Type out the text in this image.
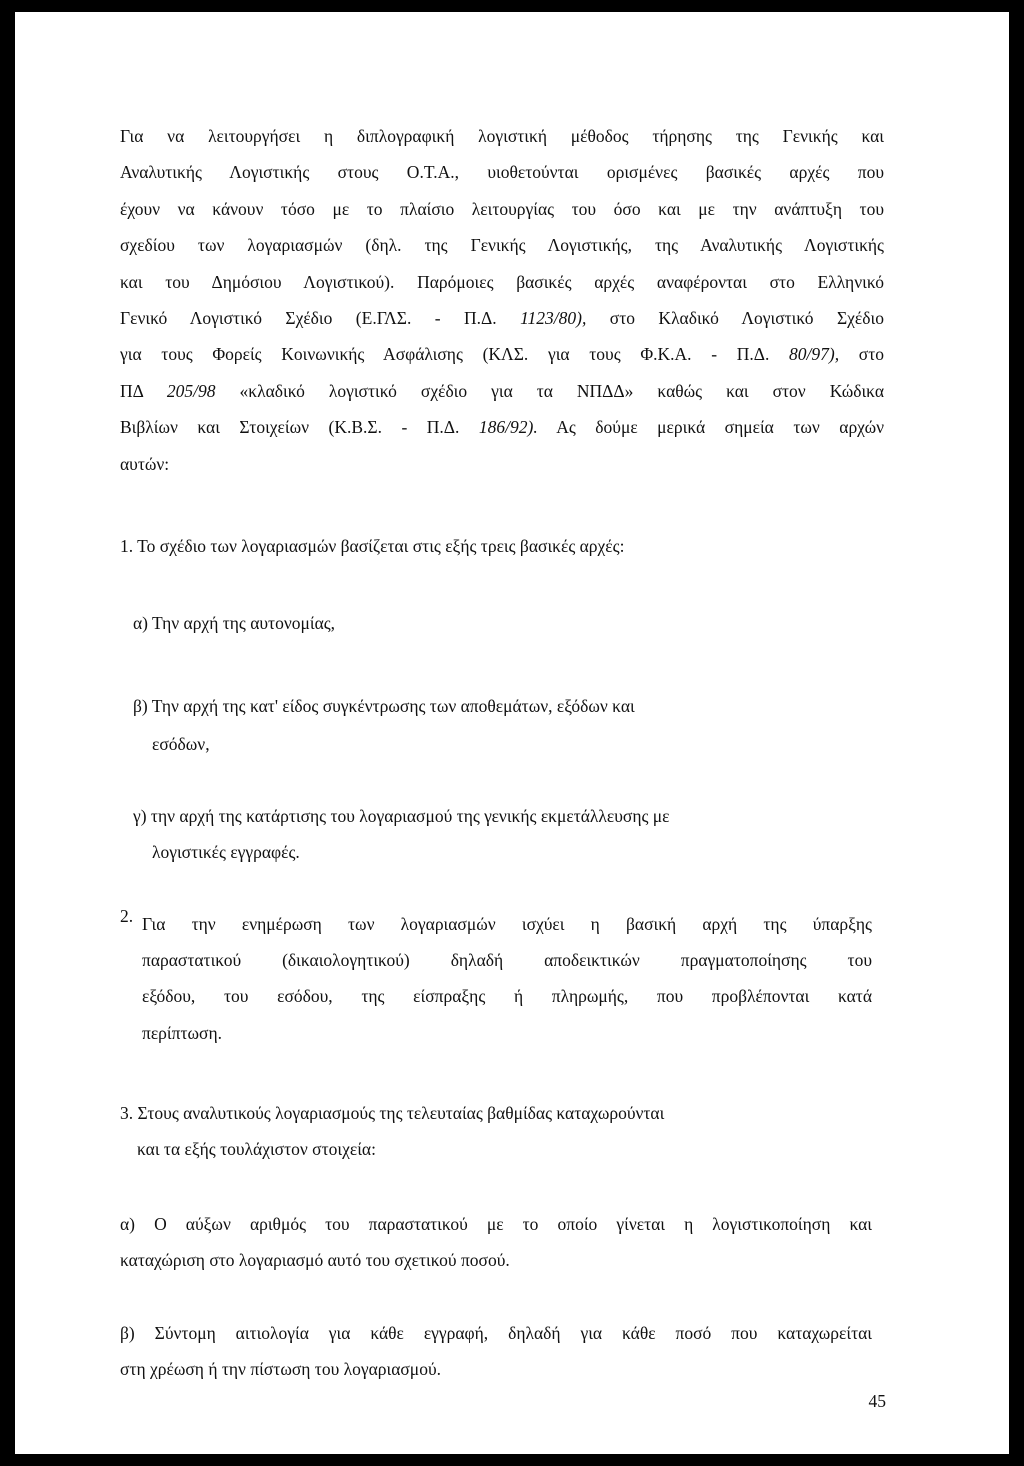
Για να λειτουργήσει η διπλογραφική λογιστική μέθοδος τήρησης της Γενικής και
Αναλυτικής Λογιστικής στους Ο.Τ.Α., υιοθετούνται ορισμένες βασικές αρχές που
έχουν να κάνουν τόσο με το πλαίσιο λειτουργίας του όσο και με την ανάπτυξη του
σχεδίου των λογαριασμών (δηλ. της Γενικής Λογιστικής, της Αναλυτικής Λογιστικής
και του Δημόσιου Λογιστικού). Παρόμοιες βασικές αρχές αναφέρονται στο Ελληνικό
Γενικό Λογιστικό Σχέδιο (Ε.ΓΛΣ. - Π.Δ. 1123/80), στο Κλαδικό Λογιστικό Σχέδιο
για τους Φορείς Κοινωνικής Ασφάλισης (ΚΛΣ. για τους Φ.Κ.Α. - Π.Δ. 80/97), στο
ΠΔ 205/98 «κλαδικό λογιστικό σχέδιο για τα ΝΠΔΔ» καθώς και στον Κώδικα
Βιβλίων και Στοιχείων (Κ.Β.Σ. - Π.Δ. 186/92). Ας δούμε μερικά σημεία των αρχών
αυτών:
1. Το σχέδιο των λογαριασμών βασίζεται στις εξής τρεις βασικές αρχές:
α) Την αρχή της αυτονομίας,
β) Την αρχή της κατ' είδος συγκέντρωσης των αποθεμάτων, εξόδων και
εσόδων,
γ) την αρχή της κατάρτισης του λογαριασμού της γενικής εκμετάλλευσης με
λογιστικές εγγραφές.
2. Για την ενημέρωση των λογαριασμών ισχύει η βασική αρχή της ύπαρξης
παραστατικού (δικαιολογητικού) δηλαδή αποδεικτικών πραγματοποίησης του
εξόδου, του εσόδου, της είσπραξης ή πληρωμής, που προβλέπονται κατά
περίπτωση.
3. Στους αναλυτικούς λογαριασμούς της τελευταίας βαθμίδας καταχωρούνται
και τα εξής τουλάχιστον στοιχεία:
α) Ο αύξων αριθμός του παραστατικού με το οποίο γίνεται η λογιστικοποίηση και
καταχώριση στο λογαριασμό αυτό του σχετικού ποσού.
β) Σύντομη αιτιολογία για κάθε εγγραφή, δηλαδή για κάθε ποσό που καταχωρείται
στη χρέωση ή την πίστωση του λογαριασμού.
45
